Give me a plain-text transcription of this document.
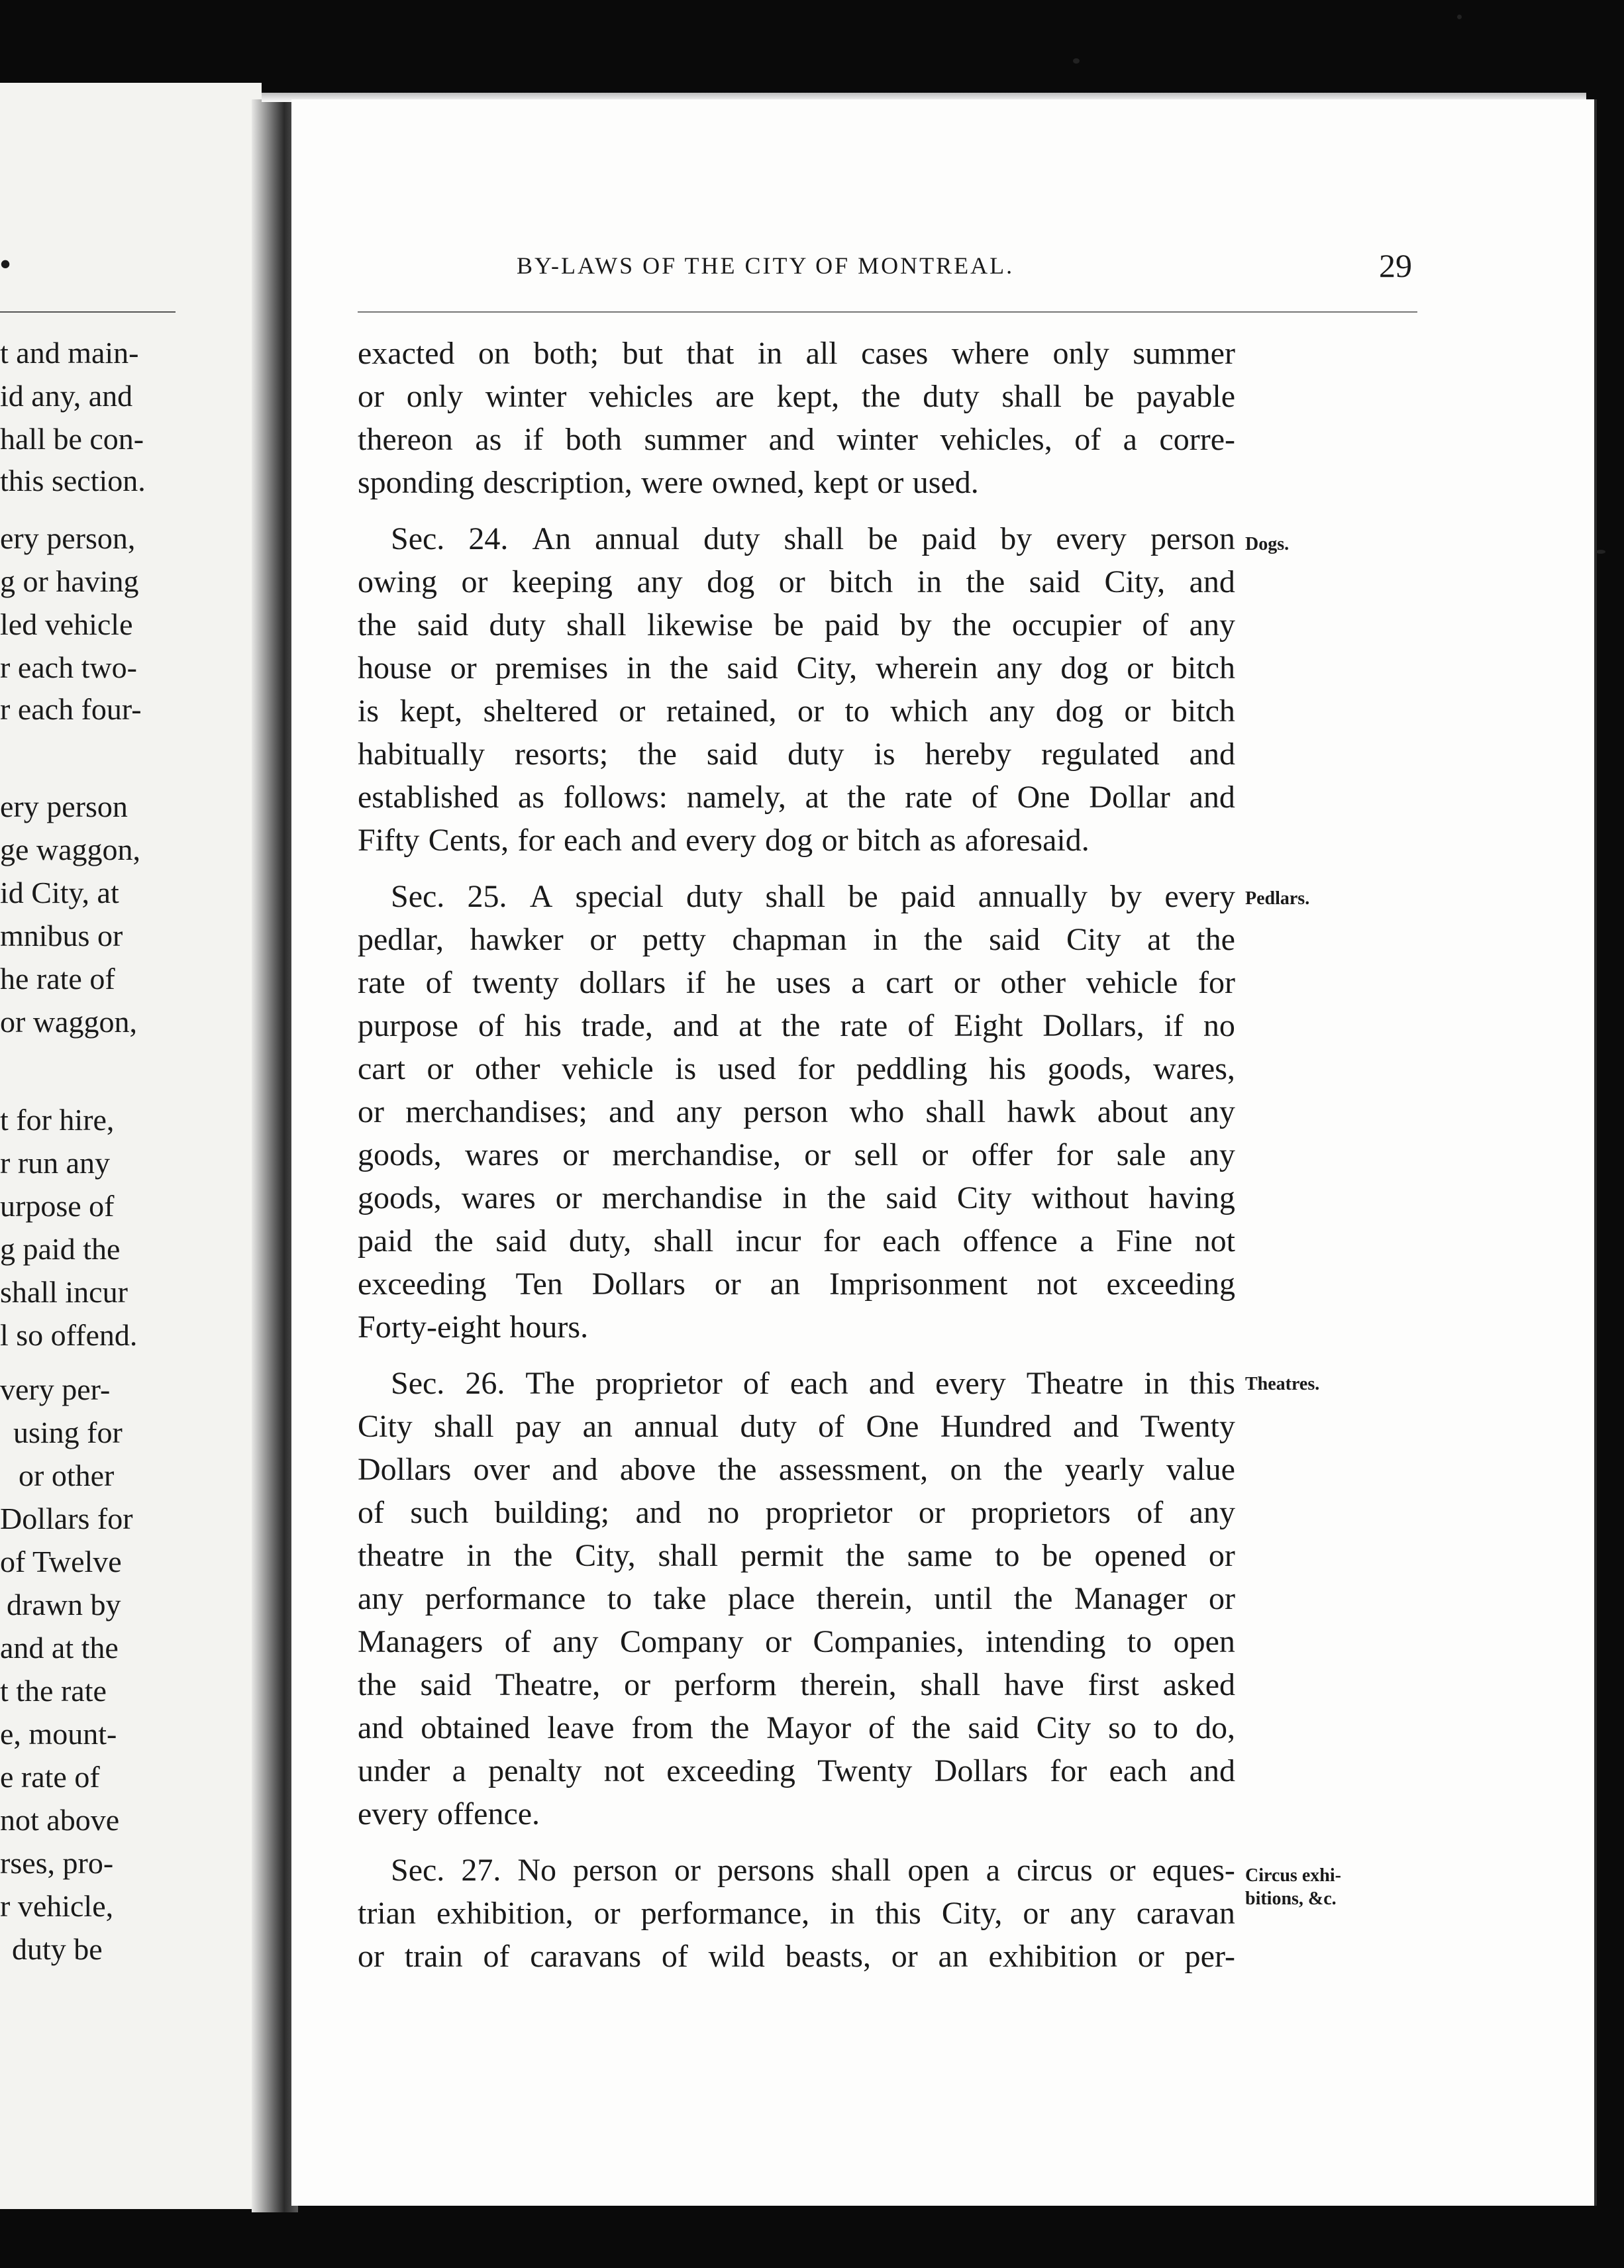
•
t and main-
id any, and
hall be con-
this section.
ery person,
g or having
led vehicle
r each two-
r each four-
ery person
ge waggon,
id City, at
mnibus or
he rate of
or waggon,
t for hire,
r run any
urpose of
g paid the
shall incur
l so offend.
very per-
using for
or other
Dollars for
of Twelve
drawn by
and at the
t the rate
e, mount-
e rate of
not above
rses, pro-
r vehicle,
duty be
BY-LAWS OF THE CITY OF MONTREAL.	29
exacted on both; but that in all cases where only summer
or only winter vehicles are kept, the duty shall be payable
thereon as if both summer and winter vehicles, of a corre-
sponding description, were owned, kept or used.
Sec. 24. An annual duty shall be paid by every person
owing or keeping any dog or bitch in the said City, and
the said duty shall likewise be paid by the occupier of any
house or premises in the said City, wherein any dog or bitch
is kept, sheltered or retained, or to which any dog or bitch
habitually resorts; the said duty is hereby regulated and
established as follows: namely, at the rate of One Dollar and
Fifty Cents, for each and every dog or bitch as aforesaid.
Sec. 25. A special duty shall be paid annually by every
pedlar, hawker or petty chapman in the said City at the
rate of twenty dollars if he uses a cart or other vehicle for
purpose of his trade, and at the rate of Eight Dollars, if no
cart or other vehicle is used for peddling his goods, wares,
or merchandises; and any person who shall hawk about any
goods, wares or merchandise, or sell or offer for sale any
goods, wares or merchandise in the said City without having
paid the said duty, shall incur for each offence a Fine not
exceeding Ten Dollars or an Imprisonment not exceeding
Forty-eight hours.
Sec. 26. The proprietor of each and every Theatre in this
City shall pay an annual duty of One Hundred and Twenty
Dollars over and above the assessment, on the yearly value
of such building; and no proprietor or proprietors of any
theatre in the City, shall permit the same to be opened or
any performance to take place therein, until the Manager or
Managers of any Company or Companies, intending to open
the said Theatre, or perform therein, shall have first asked
and obtained leave from the Mayor of the said City so to do,
under a penalty not exceeding Twenty Dollars for each and
every offence.
Sec. 27. No person or persons shall open a circus or eques-
trian exhibition, or performance, in this City, or any caravan
or train of caravans of wild beasts, or an exhibition or per-
Dogs.
Pedlars.
Theatres.
Circus exhi-
bitions, &c.
